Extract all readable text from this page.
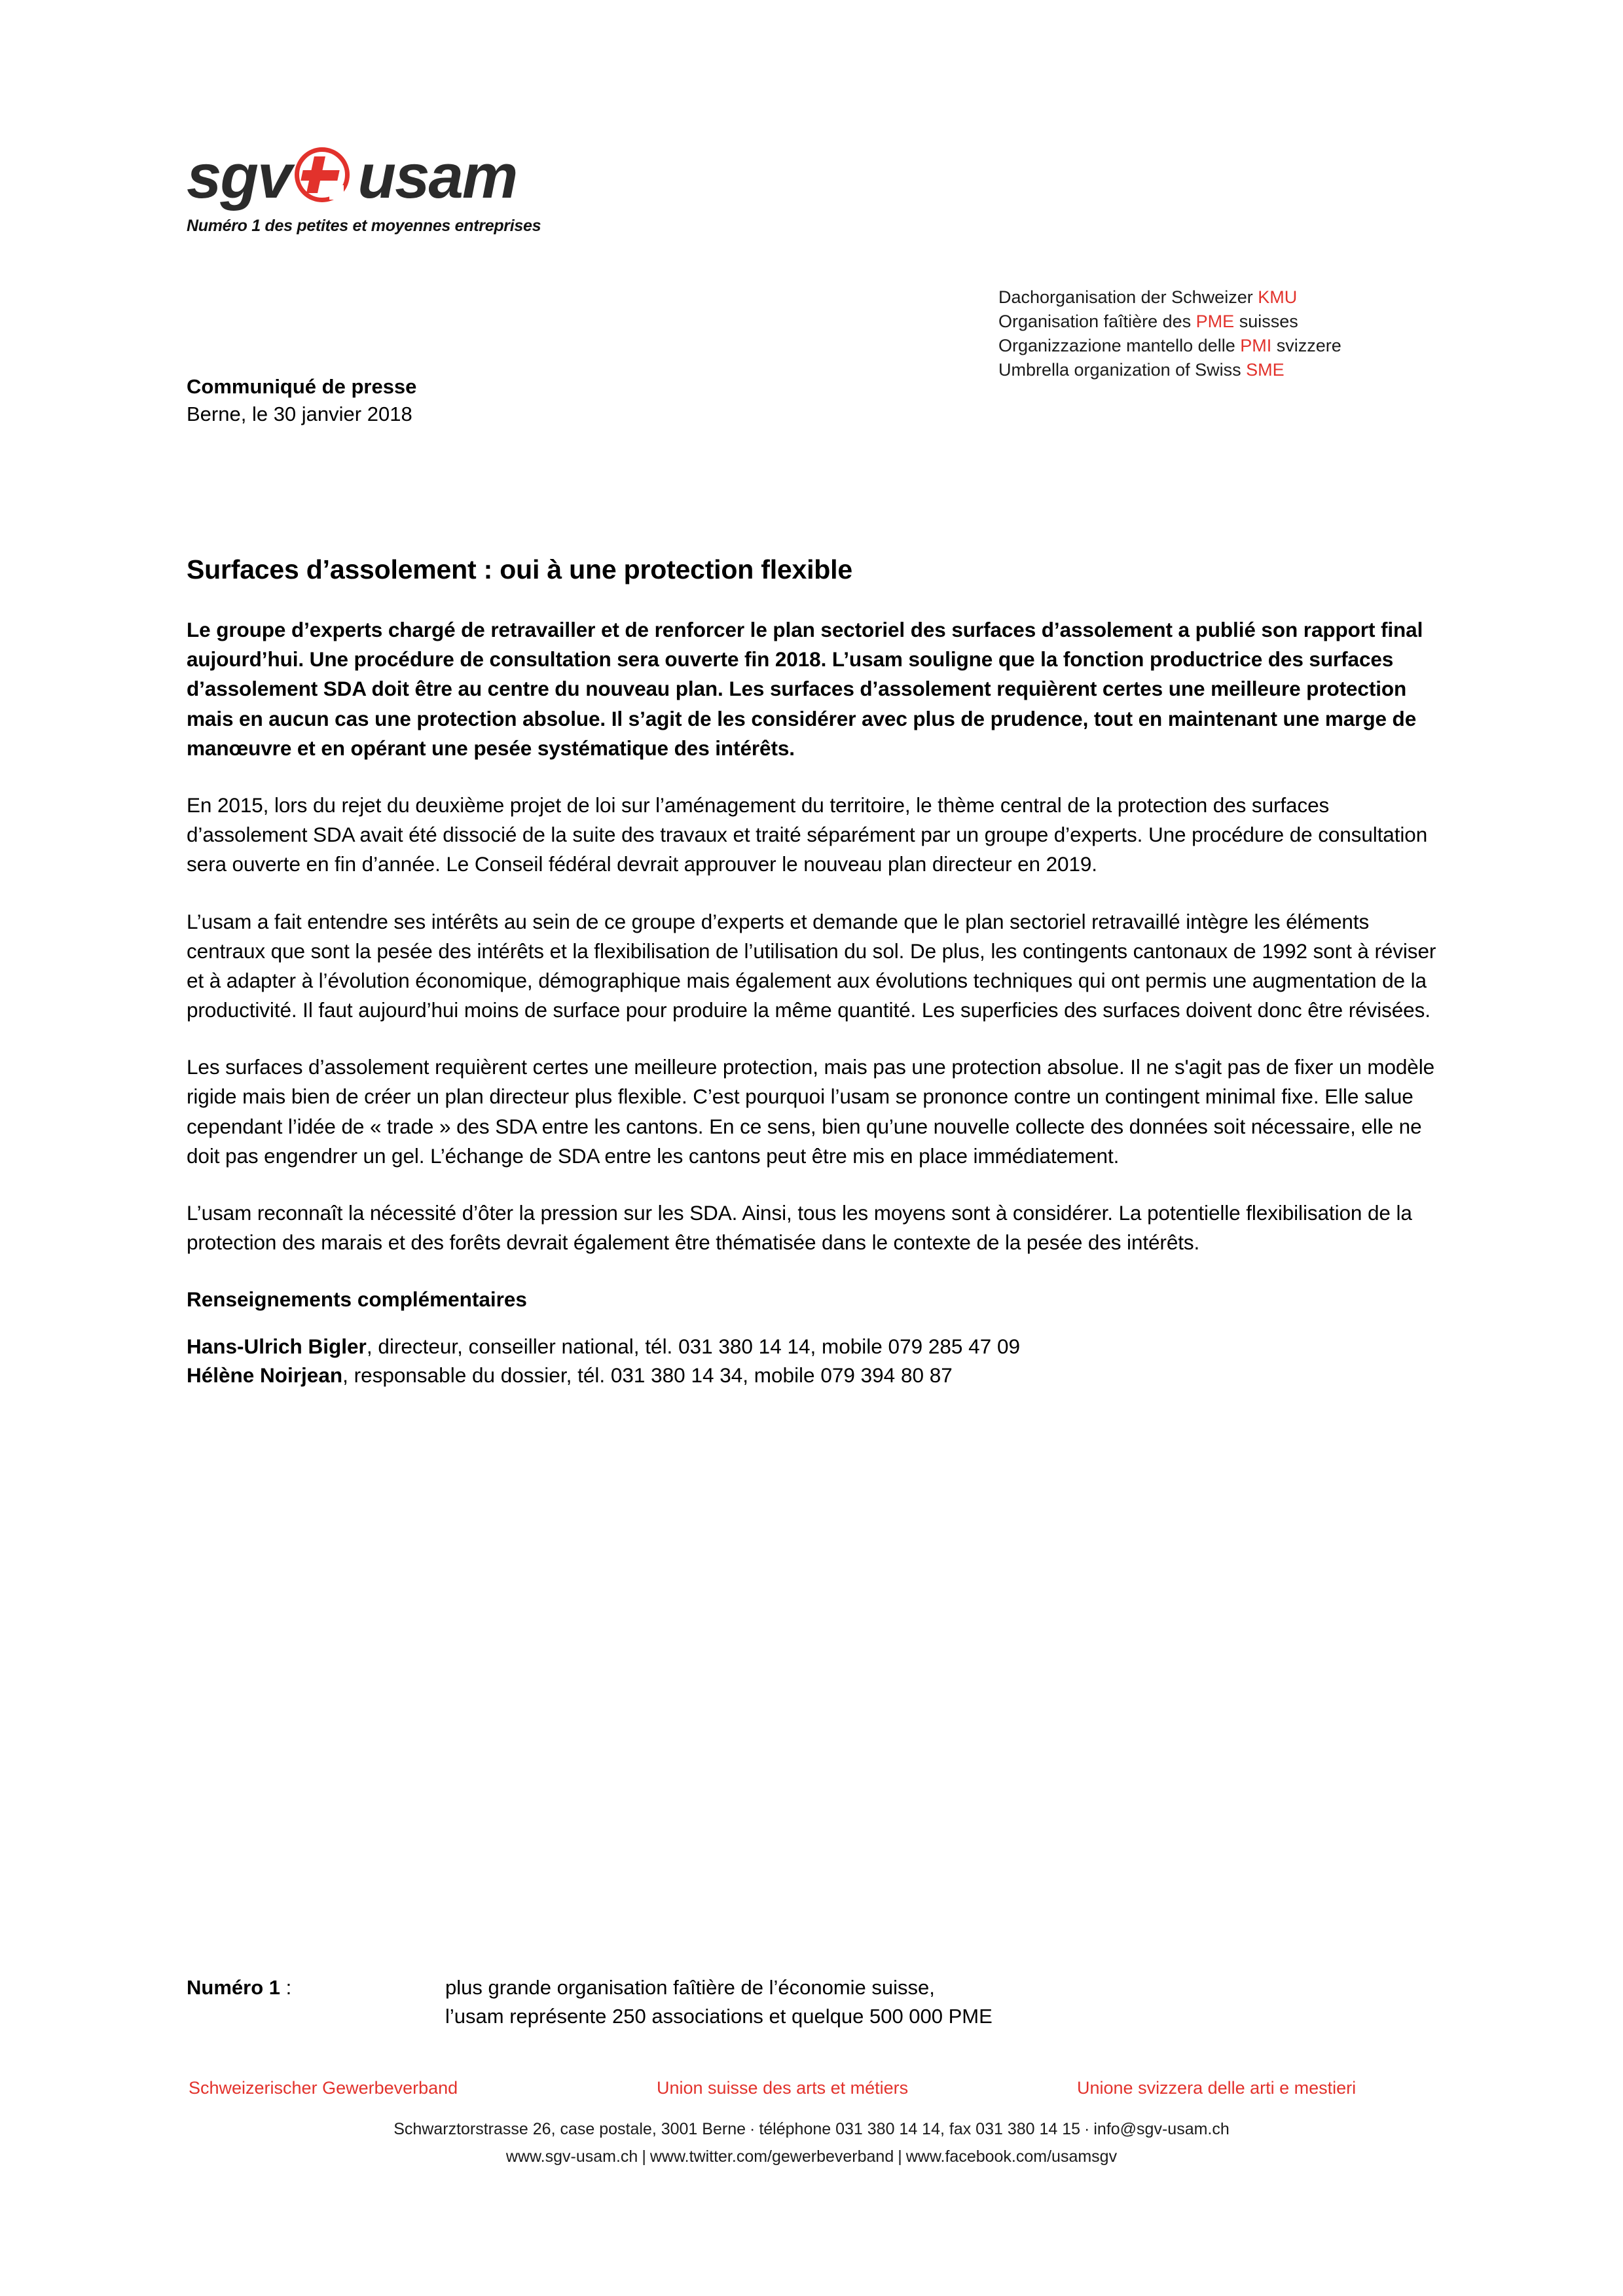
sgv usam
Numéro 1 des petites et moyennes entreprises
Dachorganisation der Schweizer KMU
Organisation faîtière des PME suisses
Organizzazione mantello delle PMI svizzere
Umbrella organization of Swiss SME
Communiqué de presse
Berne, le 30 janvier 2018
Surfaces d’assolement : oui à une protection flexible

Le groupe d’experts chargé de retravailler et de renforcer le plan sectoriel des surfaces d’assolement a publié son rapport final aujourd’hui. Une procédure de consultation sera ouverte fin 2018. L’usam souligne que la fonction productrice des surfaces d’assolement SDA doit être au centre du nouveau plan. Les surfaces d’assolement requièrent certes une meilleure protection mais en aucun cas une protection absolue. Il s’agit de les considérer avec plus de prudence, tout en maintenant une marge de manœuvre et en opérant une pesée systématique des intérêts.

En 2015, lors du rejet du deuxième projet de loi sur l’aménagement du territoire, le thème central de la protection des surfaces d’assolement SDA avait été dissocié de la suite des travaux et traité séparément par un groupe d’experts. Une procédure de consultation sera ouverte en fin d’année. Le Conseil fédéral devrait approuver le nouveau plan directeur en 2019.

L’usam a fait entendre ses intérêts au sein de ce groupe d’experts et demande que le plan sectoriel retravaillé intègre les éléments centraux que sont la pesée des intérêts et la flexibilisation de l’utilisation du sol. De plus, les contingents cantonaux de 1992 sont à réviser et à adapter à l’évolution économique, démographique mais également aux évolutions techniques qui ont permis une augmentation de la productivité. Il faut aujourd’hui moins de surface pour produire la même quantité. Les superficies des surfaces doivent donc être révisées.

Les surfaces d’assolement requièrent certes une meilleure protection, mais pas une protection absolue. Il ne s'agit pas de fixer un modèle rigide mais bien de créer un plan directeur plus flexible. C’est pourquoi l’usam se prononce contre un contingent minimal fixe. Elle salue cependant l’idée de « trade » des SDA entre les cantons. En ce sens, bien qu’une nouvelle collecte des données soit nécessaire, elle ne doit pas engendrer un gel. L’échange de SDA entre les cantons peut être mis en place immédiatement.

L’usam reconnaît la nécessité d’ôter la pression sur les SDA. Ainsi, tous les moyens sont à considérer. La potentielle flexibilisation de la protection des marais et des forêts devrait également être thématisée dans le contexte de la pesée des intérêts.

Renseignements complémentaires

Hans-Ulrich Bigler, directeur, conseiller national, tél. 031 380 14 14, mobile 079 285 47 09

Hélène Noirjean, responsable du dossier, tél. 031 380 14 34, mobile 079 394 80 87

Numéro 1 :	plus grande organisation faîtière de l’économie suisse,
l’usam représente 250 associations et quelque 500 000 PME
Schweizerischer Gewerbeverband	Union suisse des arts et métiers	Unione svizzera delle arti e mestieri
Schwarztorstrasse 26, case postale, 3001 Berne · téléphone 031 380 14 14, fax 031 380 14 15 · info@sgv-usam.ch
www.sgv-usam.ch | www.twitter.com/gewerbeverband | www.facebook.com/usamsgv
